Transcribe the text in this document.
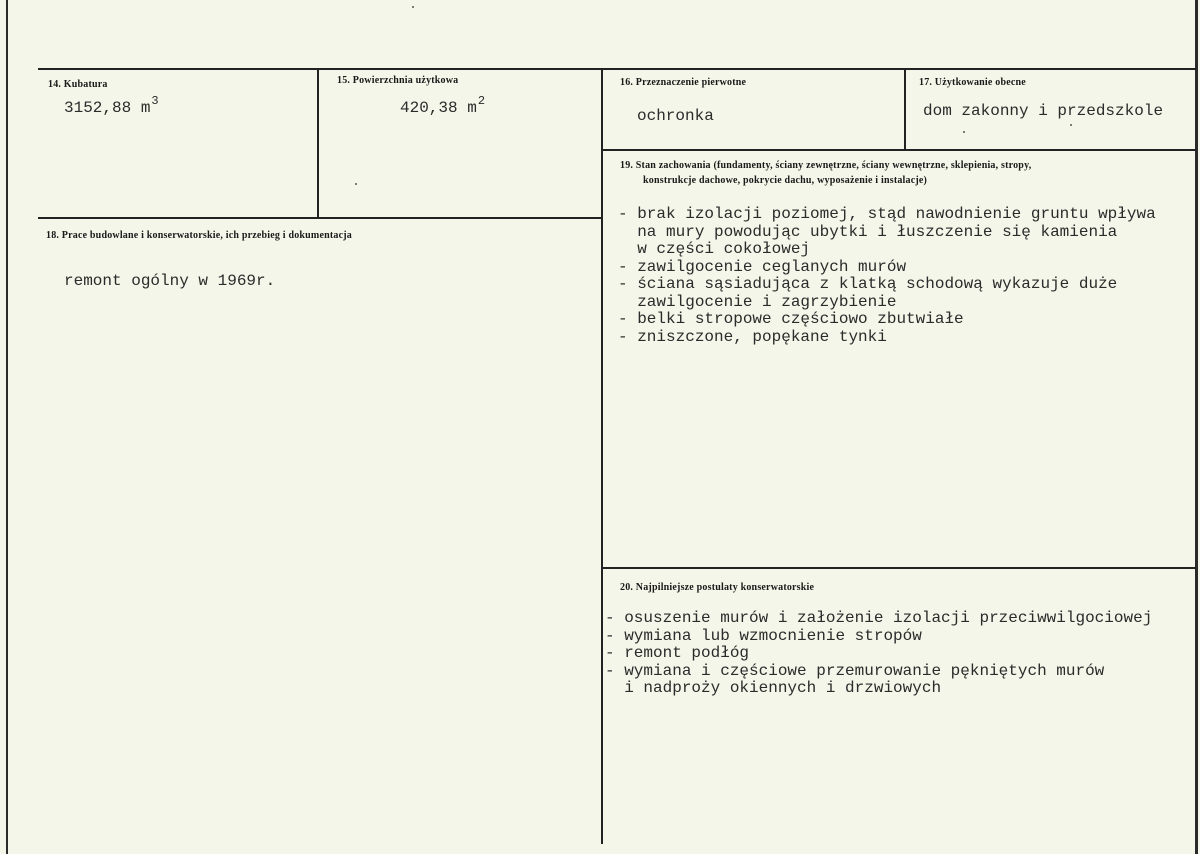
14. Kubatura
3152,88 $m^3$
15. Powierzchnia użytkowa
420,38 $m^2$
16. Przeznaczenie pierwotne
ochronka
17. Użytkowanie obecne
dom zakonny i przedszkole
19. Stan zachowania (fundamenty, ściany zewnętrzne, ściany wewnętrzne, sklepienia, stropy,
konstrukcje dachowe, pokrycie dachu, wyposażenie i instalacje)
- brak izolacji poziomej, stąd nawodnienie gruntu wpływa
na mury powodując ubytki i łuszczenie się kamienia
w części cokołowej
- zawilgocenie ceglanych murów
- ściana sąsiadująca z klatką schodową wykazuje duże
zawilgocenie i zagrzybienie
- belki stropowe częściowo zbutwiałe
- zniszczone, popękane tynki
18. Prace budowlane i konserwatorskie, ich przebieg i dokumentacja
remont ogólny w 1969r.
20. Najpilniejsze postulaty konserwatorskie
- osuszenie murów i założenie izolacji przeciwwilgociowej
- wymiana lub wzmocnienie stropów
- remont podłóg
- wymiana i częściowe przemurowanie pękniętych murów
i nadproży okiennych i drzwiowych
